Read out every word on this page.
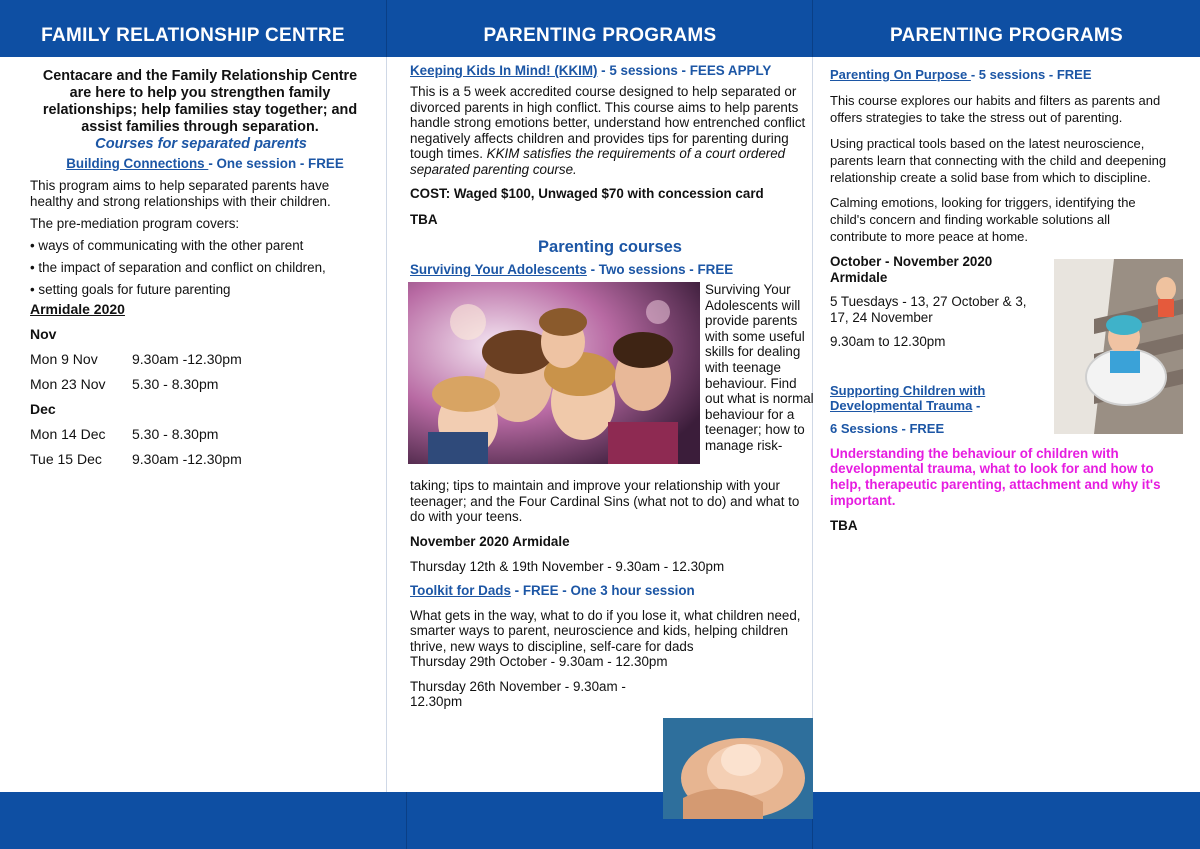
FAMILY RELATIONSHIP CENTRE	PARENTING PROGRAMS	PARENTING PROGRAMS

Centacare and the Family Relationship Centre are here to help you strengthen family relationships; help families stay together; and assist families through separation.

Courses for separated parents

Building Connections - One session - FREE

This program aims to help separated parents have healthy and strong relationships with their children.

The pre-mediation program covers:

• ways of communicating with the other parent

• the impact of separation and conflict on children,

• setting goals for future parenting

Armidale 2020

Nov

Mon 9 Nov	9.30am -12.30pm
Mon 23 Nov	5.30 - 8.30pm

Dec

Mon 14 Dec	5.30 - 8.30pm
Tue 15 Dec	9.30am -12.30pm

Keeping Kids In Mind! (KKIM) - 5 sessions - FEES APPLY

This is a 5 week accredited course designed to help separated or divorced parents in high conflict. This course aims to help parents handle strong emotions better, understand how entrenched conflict negatively affects children and provides tips for parenting during tough times. KKIM satisfies the requirements of a court ordered separated parenting course.

COST: Waged $100, Unwaged $70 with concession card

TBA

Parenting courses

Surviving Your Adolescents - Two sessions - FREE

Surviving Your Adolescents will provide parents with some useful skills for dealing with teenage behaviour. Find out what is normal behaviour for a teenager; how to manage risk-

taking; tips to maintain and improve your relationship with your teenager; and the Four Cardinal Sins (what not to do) and what to do with your teens.

November 2020 Armidale

Thursday 12th & 19th November - 9.30am - 12.30pm

Toolkit for Dads - FREE - One 3 hour session

What gets in the way, what to do if you lose it, what children need, smarter ways to parent, neuroscience and kids, helping children thrive, new ways to discipline, self-care for dads

Thursday 29th October - 9.30am - 12.30pm

Thursday 26th November - 9.30am - 12.30pm

Parenting On Purpose - 5 sessions - FREE

This course explores our habits and filters as parents and offers strategies to take the stress out of parenting.

Using practical tools based on the latest neuroscience, parents learn that connecting with the child and deepening relationship create a solid base from which to discipline.

Calming emotions, looking for triggers, identifying the child's concern and finding workable solutions all contribute to more peace at home.

October - November 2020 Armidale

5 Tuesdays - 13, 27 October & 3, 17, 24 November

9.30am to 12.30pm

Supporting Children with Developmental Trauma -

6 Sessions - FREE

Understanding the behaviour of children with developmental trauma, what to look for and how to help, therapeutic parenting, attachment and why it's important.

TBA
